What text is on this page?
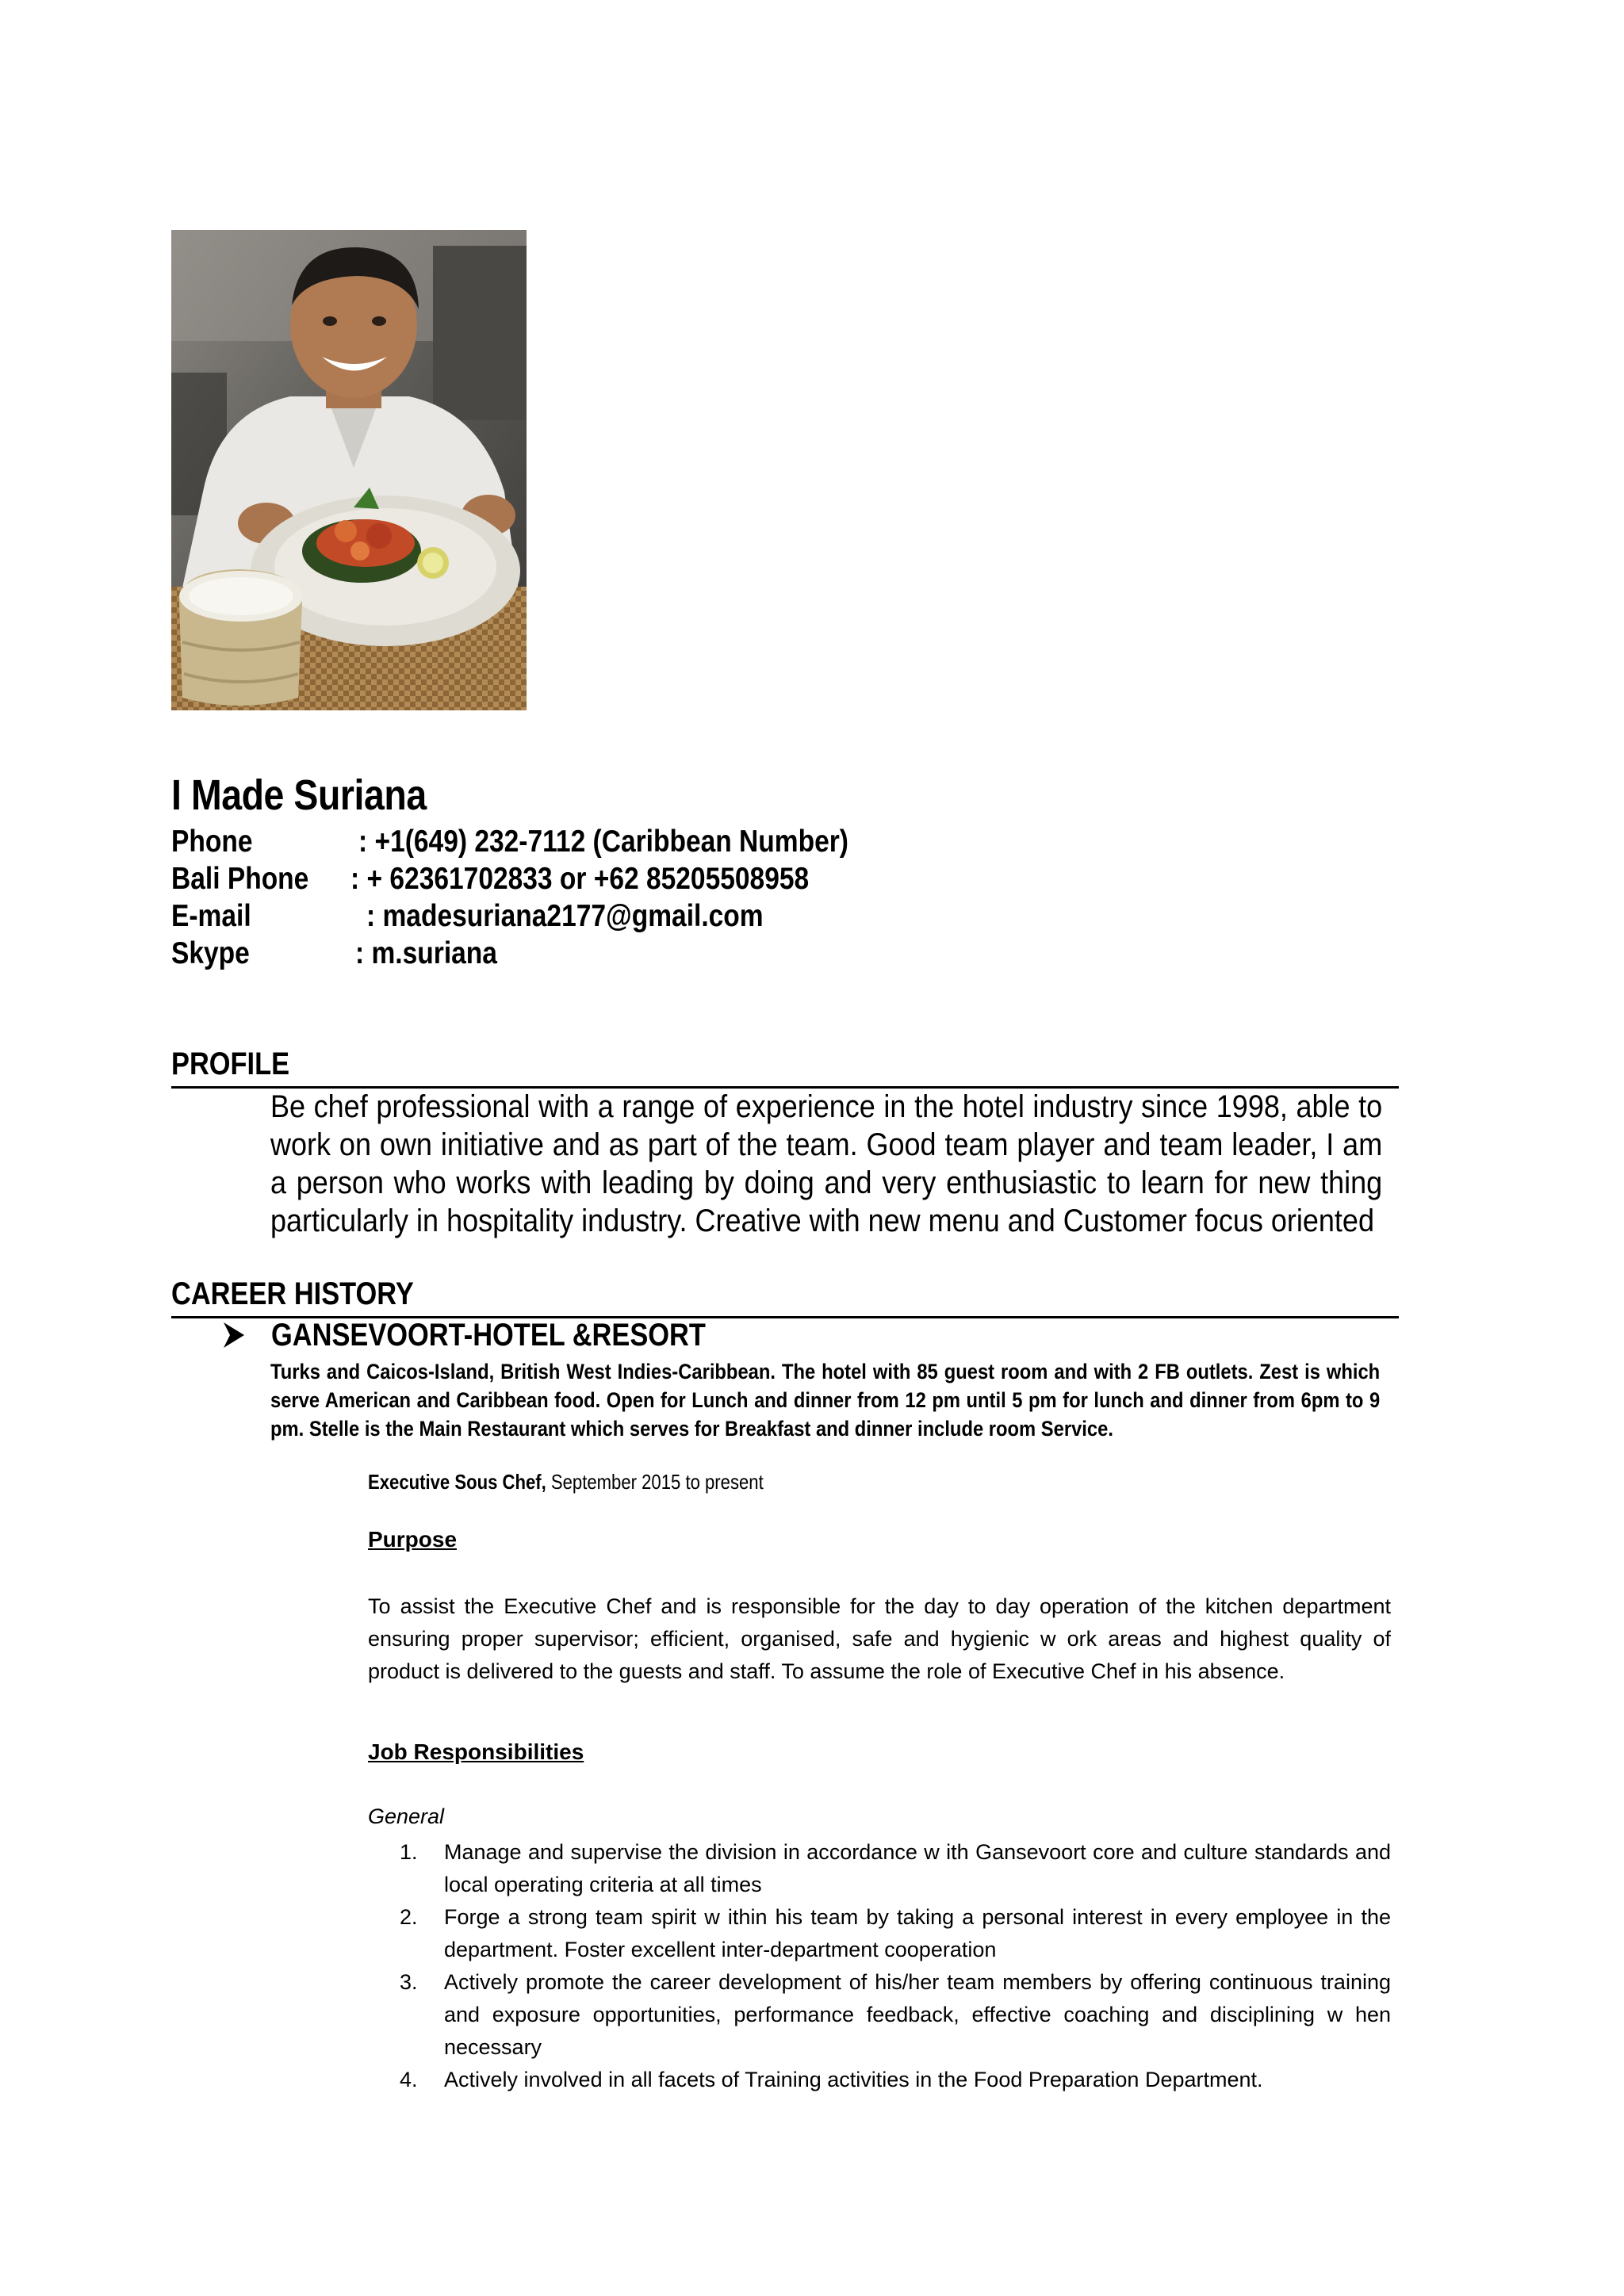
I Made Suriana
Phone	: +1(649) 232-7112 (Caribbean Number)
Bali Phone : + 62361702833 or +62 85205508958
E-mail	: madesuriana2177@gmail.com
Skype	: m.suriana
PROFILE
Be chef professional with a range of experience in the hotel industry since 1998, able to work on own initiative and as part of the team. Good team player and team leader, I am a person who works with leading by doing and very enthusiastic to learn for new thing particularly in hospitality industry. Creative with new menu and Customer focus oriented
CAREER HISTORY
GANSEVOORT-HOTEL &RESORT
Turks and Caicos-Island, British West Indies-Caribbean. The hotel with 85 guest room and with 2 FB outlets. Zest is which serve American and Caribbean food. Open for Lunch and dinner from 12 pm until 5 pm for lunch and dinner from 6pm to 9 pm. Stelle is the Main Restaurant which serves for Breakfast and dinner include room Service.
Executive Sous Chef, September 2015 to present
Purpose
To assist the Executive Chef and is responsible for the day to day operation of the kitchen department ensuring proper supervisor; efficient, organised, safe and hygienic w ork areas and highest quality of product is delivered to the guests and staff. To assume the role of Executive Chef in his absence.
Job Responsibilities
General
1. Manage and supervise the division in accordance w ith Gansevoort core and culture standards and local operating criteria at all times
2. Forge a strong team spirit w ithin his team by taking a personal interest in every employee in the department. Foster excellent inter-department cooperation
3. Actively promote the career development of his/her team members by offering continuous training and exposure opportunities, performance feedback, effective coaching and disciplining w hen necessary
4. Actively involved in all facets of Training activities in the Food Preparation Department.
